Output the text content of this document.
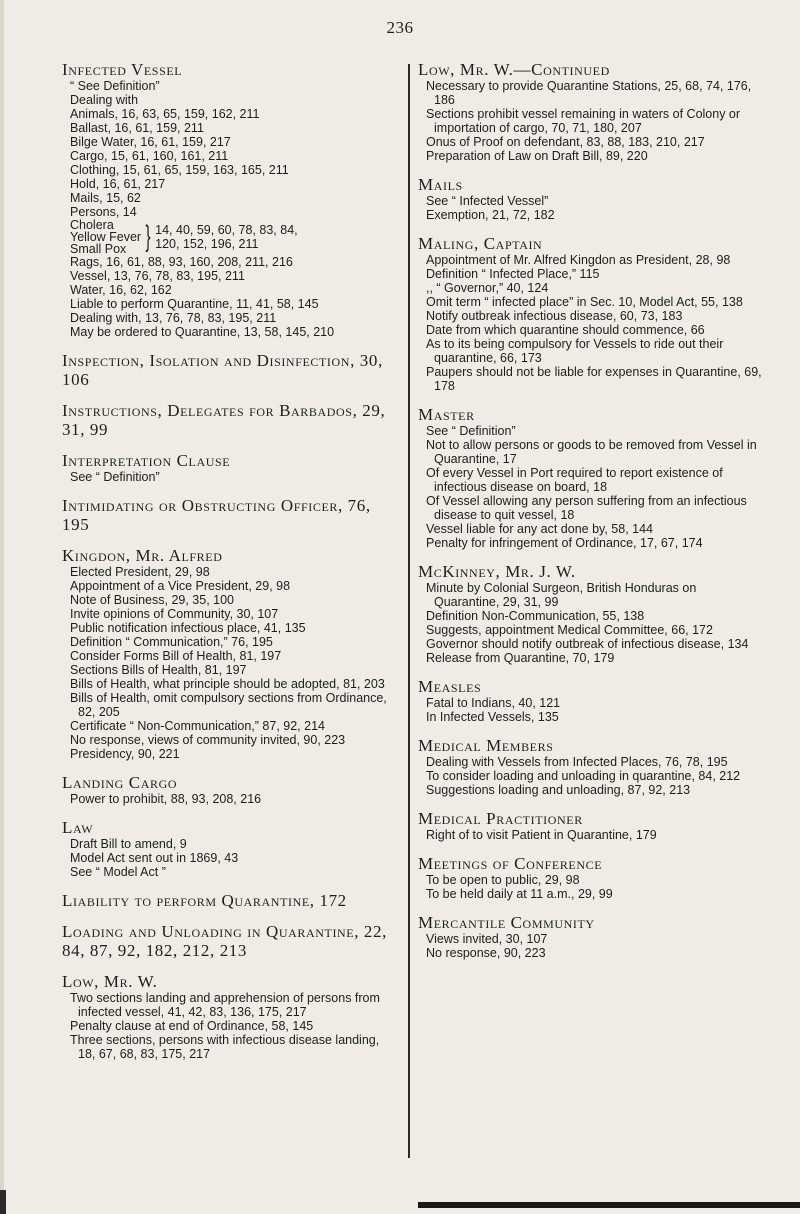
236

Infected Vessel

“ See Definition”
Dealing with
Animals, 16, 63, 65, 159, 162, 211
Ballast, 16, 61, 159, 211
Bilge Water, 16, 61, 159, 217
Cargo, 15, 61, 160, 161, 211
Clothing, 15, 61, 65, 159, 163, 165, 211
Hold, 16, 61, 217
Mails, 15, 62
Persons, 14
Cholera
Yellow Fever
Small Pox } 14, 40, 59, 60, 78, 83, 84,
120, 152, 196, 211
Rags, 16, 61, 88, 93, 160, 208, 211, 216
Vessel, 13, 76, 78, 83, 195, 211
Water, 16, 62, 162
Liable to perform Quarantine, 11, 41, 58, 145
Dealing with, 13, 76, 78, 83, 195, 211
May be ordered to Quarantine, 13, 58, 145, 210

Inspection, Isolation and Disinfection, 30, 106

Instructions, Delegates for Barbados, 29, 31, 99

Interpretation Clause

See “ Definition”

Intimidating or Obstructing Officer, 76, 195

Kingdon, Mr. Alfred

Elected President, 29, 98
Appointment of a Vice President, 29, 98
Note of Business, 29, 35, 100
Invite opinions of Community, 30, 107
Public notification infectious place, 41, 135
Definition “ Communication,” 76, 195
Consider Forms Bill of Health, 81, 197
Sections Bills of Health, 81, 197
Bills of Health, what principle should be adopted, 81, 203
Bills of Health, omit compulsory sections from Ordinance, 82, 205
Certificate “ Non-Communication,” 87, 92, 214
No response, views of community invited, 90, 223
Presidency, 90, 221

Landing Cargo

Power to prohibit, 88, 93, 208, 216

Law

Draft Bill to amend, 9
Model Act sent out in 1869, 43
See “ Model Act ”

Liability to perform Quarantine, 172

Loading and Unloading in Quarantine, 22, 84, 87, 92, 182, 212, 213

Low, Mr. W.

Two sections landing and apprehension of persons from infected vessel, 41, 42, 83, 136, 175, 217
Penalty clause at end of Ordinance, 58, 145
Three sections, persons with infectious disease landing, 18, 67, 68, 83, 175, 217

Low, Mr. W.—Continued

Necessary to provide Quarantine Stations, 25, 68, 74, 176, 186
Sections prohibit vessel remaining in waters of Colony or importation of cargo, 70, 71, 180, 207
Onus of Proof on defendant, 83, 88, 183, 210, 217
Preparation of Law on Draft Bill, 89, 220

Mails

See “ Infected Vessel”
Exemption, 21, 72, 182

Maling, Captain

Appointment of Mr. Alfred Kingdon as President, 28, 98
Definition “ Infected Place,” 115
,, “ Governor,” 40, 124
Omit term “ infected place” in Sec. 10, Model Act, 55, 138
Notify outbreak infectious disease, 60, 73, 183
Date from which quarantine should commence, 66
As to its being compulsory for Vessels to ride out their quarantine, 66, 173
Paupers should not be liable for expenses in Quarantine, 69, 178

Master

See “ Definition”
Not to allow persons or goods to be removed from Vessel in Quarantine, 17
Of every Vessel in Port required to report existence of infectious disease on board, 18
Of Vessel allowing any person suffering from an infectious disease to quit vessel, 18
Vessel liable for any act done by, 58, 144
Penalty for infringement of Ordinance, 17, 67, 174

McKinney, Mr. J. W.

Minute by Colonial Surgeon, British Honduras on Quarantine, 29, 31, 99
Definition Non-Communication, 55, 138
Suggests, appointment Medical Committee, 66, 172
Governor should notify outbreak of infectious disease, 134
Release from Quarantine, 70, 179

Measles

Fatal to Indians, 40, 121
In Infected Vessels, 135

Medical Members

Dealing with Vessels from Infected Places, 76, 78, 195
To consider loading and unloading in quarantine, 84, 212
Suggestions loading and unloading, 87, 92, 213

Medical Practitioner

Right of to visit Patient in Quarantine, 179

Meetings of Conference

To be open to public, 29, 98
To be held daily at 11 a.m., 29, 99

Mercantile Community

Views invited, 30, 107
No response, 90, 223
